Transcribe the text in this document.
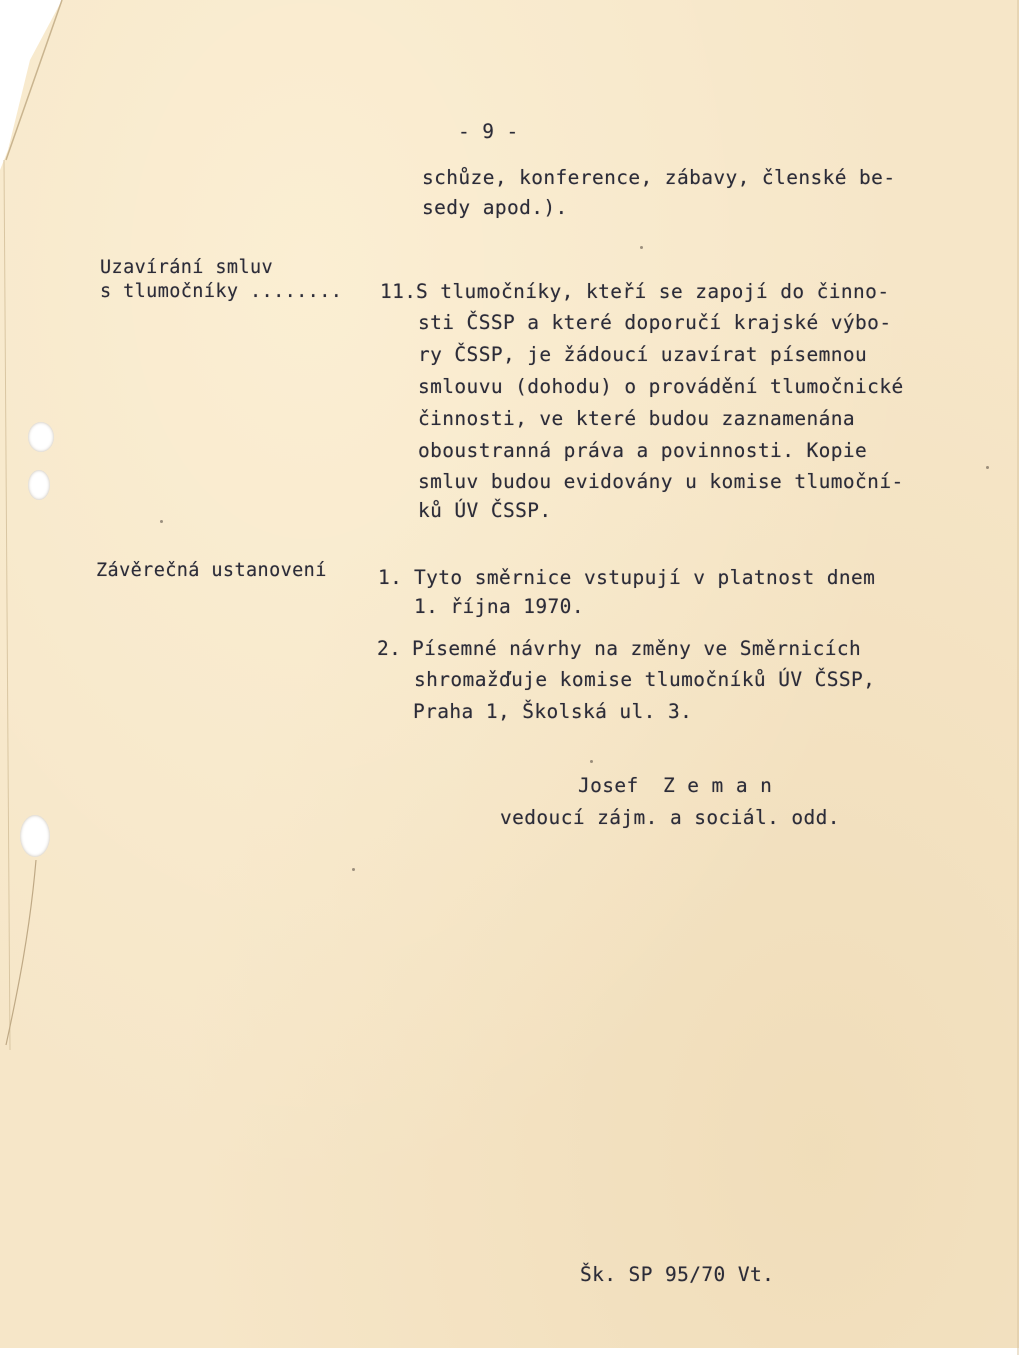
- 9 -
schůze, konference, zábavy, členské be-
sedy apod.).
Uzavírání smluv
s tlumočníky ........ 11. S tlumočníky, kteří se zapojí do činno-
sti ČSSP a které doporučí krajské výbo-
ry ČSSP, je žádoucí uzavírat písemnou
smlouvu (dohodu) o provádění tlumočnické
činnosti, ve které budou zaznamenána
oboustranná práva a povinnosti. Kopie
smluv budou evidovány u komise tlumoční-
ků ÚV ČSSP.
Závěrečná ustanovení	1. Tyto směrnice vstupují v platnost dnem
1. října 1970.
2. Písemné návrhy na změny ve Směrnicích
shromažďuje komise tlumočníků ÚV ČSSP,
Praha 1, Školská ul. 3.
Josef  Z e m a n
vedoucí zájm. a sociál. odd.
Šk. SP 95/70 Vt.
